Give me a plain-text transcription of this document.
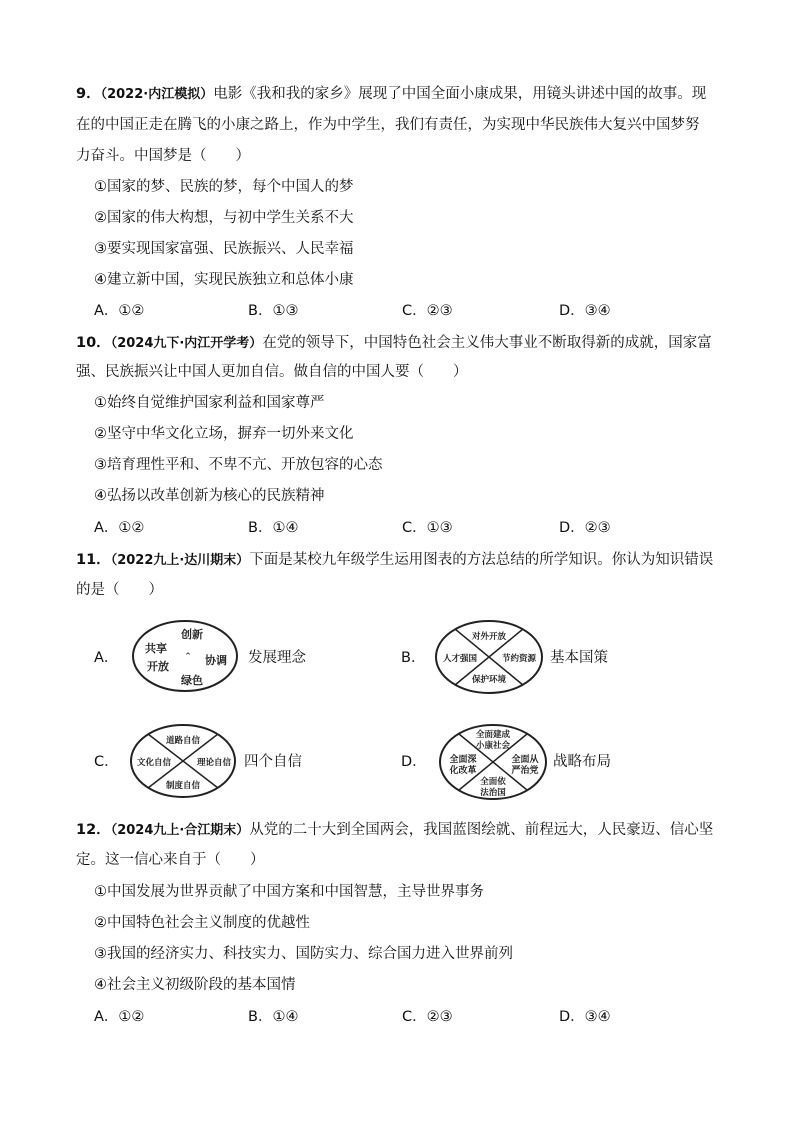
9．（2022·内江模拟）电影《我和我的家乡》展现了中国全面小康成果，用镜头讲述中国的故事。现
在的中国正走在腾飞的小康之路上，作为中学生，我们有责任，为实现中华民族伟大复兴中国梦努
力奋斗。中国梦是（　　）
①国家的梦、民族的梦，每个中国人的梦
②国家的伟大构想，与初中学生关系不大
③要实现国家富强、民族振兴、人民幸福
④建立新中国，实现民族独立和总体小康
A．①②	B．①③	C．②③	D．③④
10．（2024九下·内江开学考）在党的领导下，中国特色社会主义伟大事业不断取得新的成就，国家富
强、民族振兴让中国人更加自信。做自信的中国人要（　　）
①始终自觉维护国家利益和国家尊严
②坚守中华文化立场，摒弃一切外来文化
③培育理性平和、不卑不亢、开放包容的心态
④弘扬以改革创新为核心的民族精神
A．①②	B．①④	C．①③	D．②③
11．（2022九上·达川期末）下面是某校九年级学生运用图表的方法总结的所学知识。你认为知识错误
的是（　　）
A．
创新
共享
^ 协调
开放
绿色
发展理念	B．
对外开放
人才强国	节约资源
保护环境
基本国策
C．
道路自信
文化自信	理论自信
制度自信
四个自信	D．
全面建成
小康社会
全面深
化改革
全面从
严治党
全面依
法治国
战略布局
12．（2024九上·合江期末）从党的二十大到全国两会，我国蓝图绘就、前程远大，人民豪迈、信心坚
定。这一信心来自于（　　）
①中国发展为世界贡献了中国方案和中国智慧，主导世界事务
②中国特色社会主义制度的优越性
③我国的经济实力、科技实力、国防实力、综合国力进入世界前列
④社会主义初级阶段的基本国情
A．①②	B．①④	C．②③	D．③④
